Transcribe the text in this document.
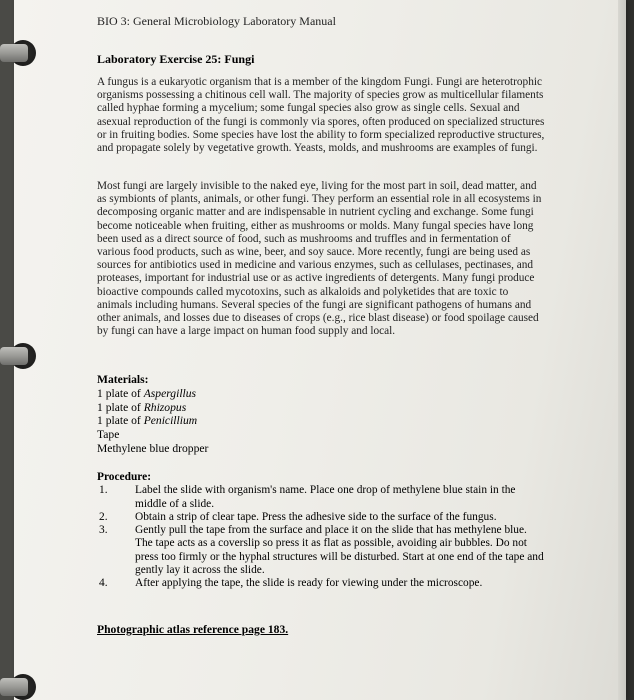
BIO 3: General Microbiology Laboratory Manual
Laboratory Exercise 25: Fungi
A fungus is a eukaryotic organism that is a member of the kingdom Fungi. Fungi are heterotrophic organisms possessing a chitinous cell wall. The majority of species grow as multicellular filaments called hyphae forming a mycelium; some fungal species also grow as single cells. Sexual and asexual reproduction of the fungi is commonly via spores, often produced on specialized structures or in fruiting bodies. Some species have lost the ability to form specialized reproductive structures, and propagate solely by vegetative growth. Yeasts, molds, and mushrooms are examples of fungi.
Most fungi are largely invisible to the naked eye, living for the most part in soil, dead matter, and as symbionts of plants, animals, or other fungi. They perform an essential role in all ecosystems in decomposing organic matter and are indispensable in nutrient cycling and exchange. Some fungi become noticeable when fruiting, either as mushrooms or molds. Many fungal species have long been used as a direct source of food, such as mushrooms and truffles and in fermentation of various food products, such as wine, beer, and soy sauce. More recently, fungi are being used as sources for antibiotics used in medicine and various enzymes, such as cellulases, pectinases, and proteases, important for industrial use or as active ingredients of detergents. Many fungi produce bioactive compounds called mycotoxins, such as alkaloids and polyketides that are toxic to animals including humans. Several species of the fungi are significant pathogens of humans and other animals, and losses due to diseases of crops (e.g., rice blast disease) or food spoilage caused by fungi can have a large impact on human food supply and local.
Materials:
1 plate of Aspergillus
1 plate of Rhizopus
1 plate of Penicillium
Tape
Methylene blue dropper
Procedure:
1. Label the slide with organism's name. Place one drop of methylene blue stain in the middle of a slide.
2. Obtain a strip of clear tape. Press the adhesive side to the surface of the fungus.
3. Gently pull the tape from the surface and place it on the slide that has methylene blue. The tape acts as a coverslip so press it as flat as possible, avoiding air bubbles. Do not press too firmly or the hyphal structures will be disturbed. Start at one end of the tape and gently lay it across the slide.
4. After applying the tape, the slide is ready for viewing under the microscope.
Photographic atlas reference page 183.
